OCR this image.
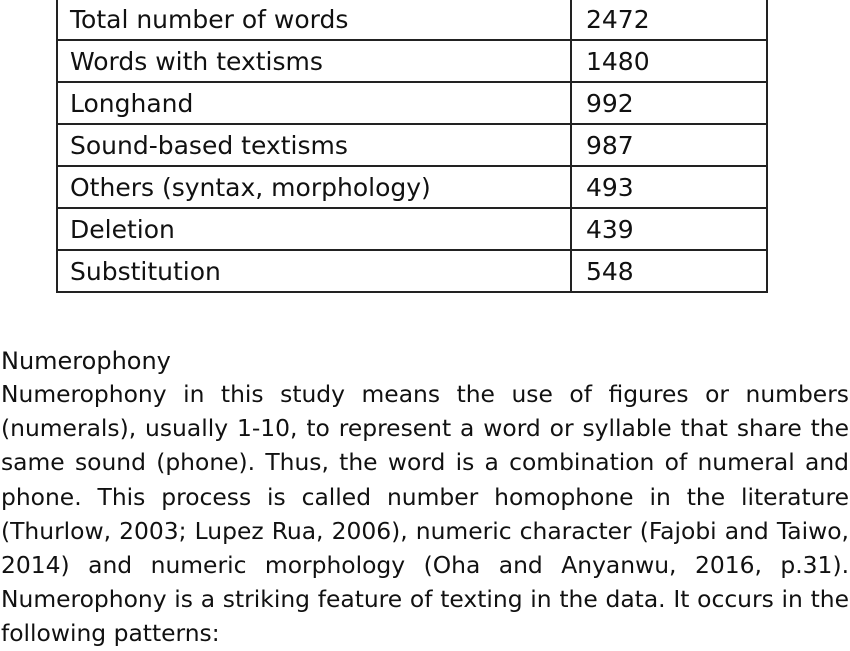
Total number of words	2472
Words with textisms	1480
Longhand	992
Sound-based textisms	987
Others (syntax, morphology)	493
Deletion	439
Substitution	548
Numerophony

Numerophony in this study means the use of figures or numbers (numerals), usually 1-10, to represent a word or syllable that share the same sound (phone). Thus, the word is a combination of numeral and phone. This process is called number homophone in the literature (Thurlow, 2003; Lupez Rua, 2006), numeric character (Fajobi and Taiwo, 2014) and numeric morphology (Oha and Anyanwu, 2016, p.31). Numerophony is a striking feature of texting in the data. It occurs in the following patterns:
